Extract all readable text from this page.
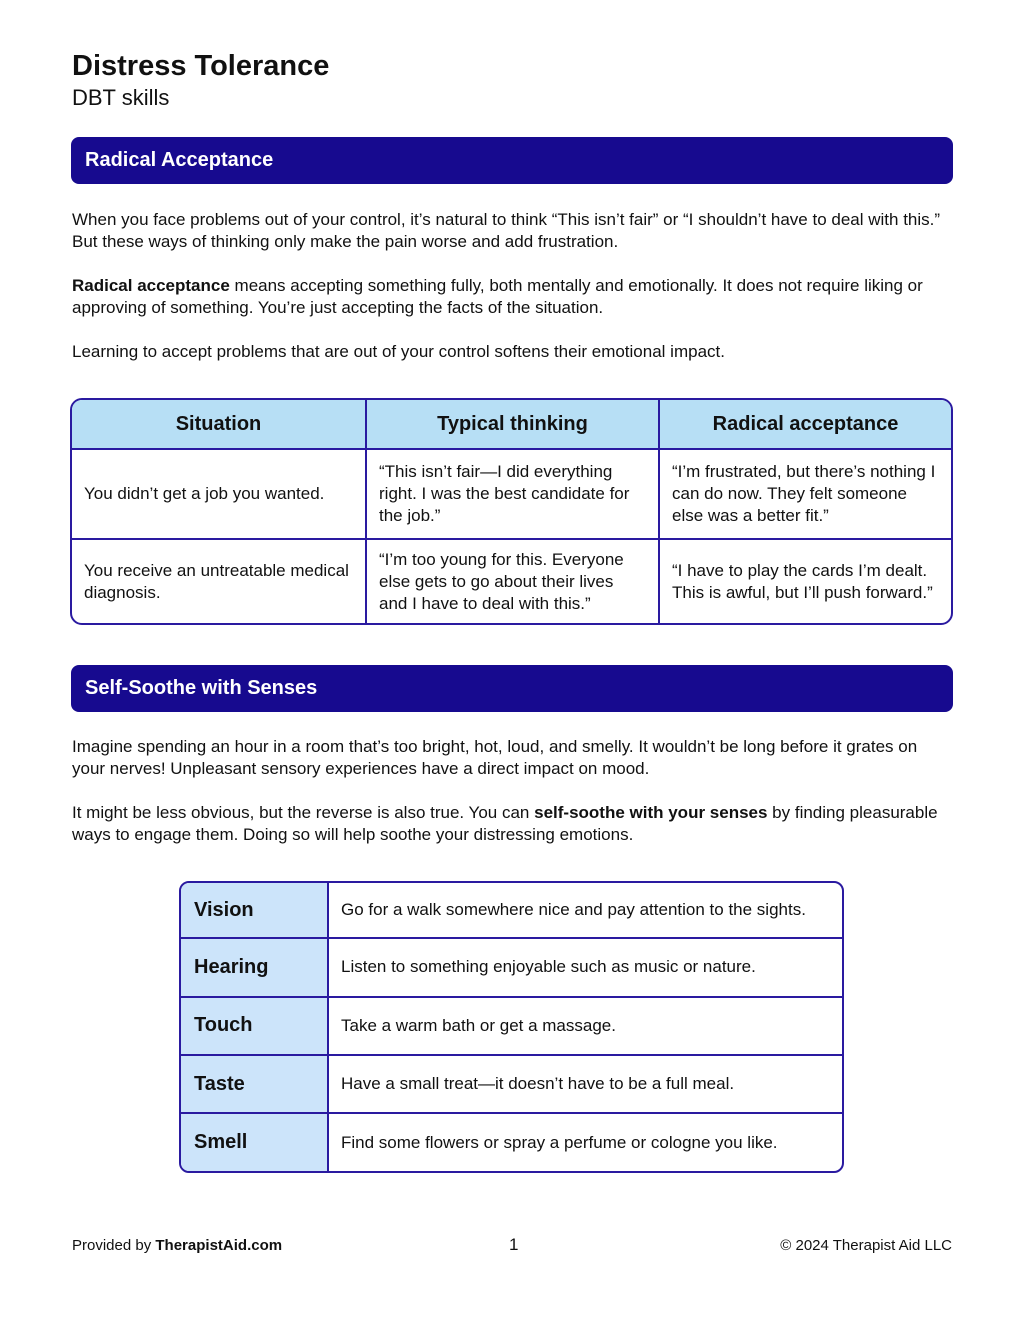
Distress Tolerance
DBT skills
Radical Acceptance

When you face problems out of your control, it’s natural to think “This isn’t fair” or “I shouldn’t have to deal with this.” But these ways of thinking only make the pain worse and add frustration.

Radical acceptance means accepting something fully, both mentally and emotionally. It does not require liking or approving of something. You’re just accepting the facts of the situation.

Learning to accept problems that are out of your control softens their emotional impact.

Situation	Typical thinking	Radical acceptance
You didn’t get a job you wanted.	“This isn’t fair—I did everything right. I was the best candidate for the job.”	“I’m frustrated, but there’s nothing I can do now. They felt someone else was a better fit.”
You receive an untreatable medical diagnosis.	“I’m too young for this. Everyone else gets to go about their lives and I have to deal with this.”	“I have to play the cards I’m dealt. This is awful, but I’ll push forward.”
Self-Soothe with Senses

Imagine spending an hour in a room that’s too bright, hot, loud, and smelly. It wouldn’t be long before it grates on your nerves! Unpleasant sensory experiences have a direct impact on mood.

It might be less obvious, but the reverse is also true. You can self-soothe with your senses by finding pleasurable ways to engage them. Doing so will help soothe your distressing emotions.

Vision	Go for a walk somewhere nice and pay attention to the sights.
Hearing	Listen to something enjoyable such as music or nature.
Touch	Take a warm bath or get a massage.
Taste	Have a small treat—it doesn’t have to be a full meal.
Smell	Find some flowers or spray a perfume or cologne you like.
Provided by TherapistAid.com	1	© 2024 Therapist Aid LLC
